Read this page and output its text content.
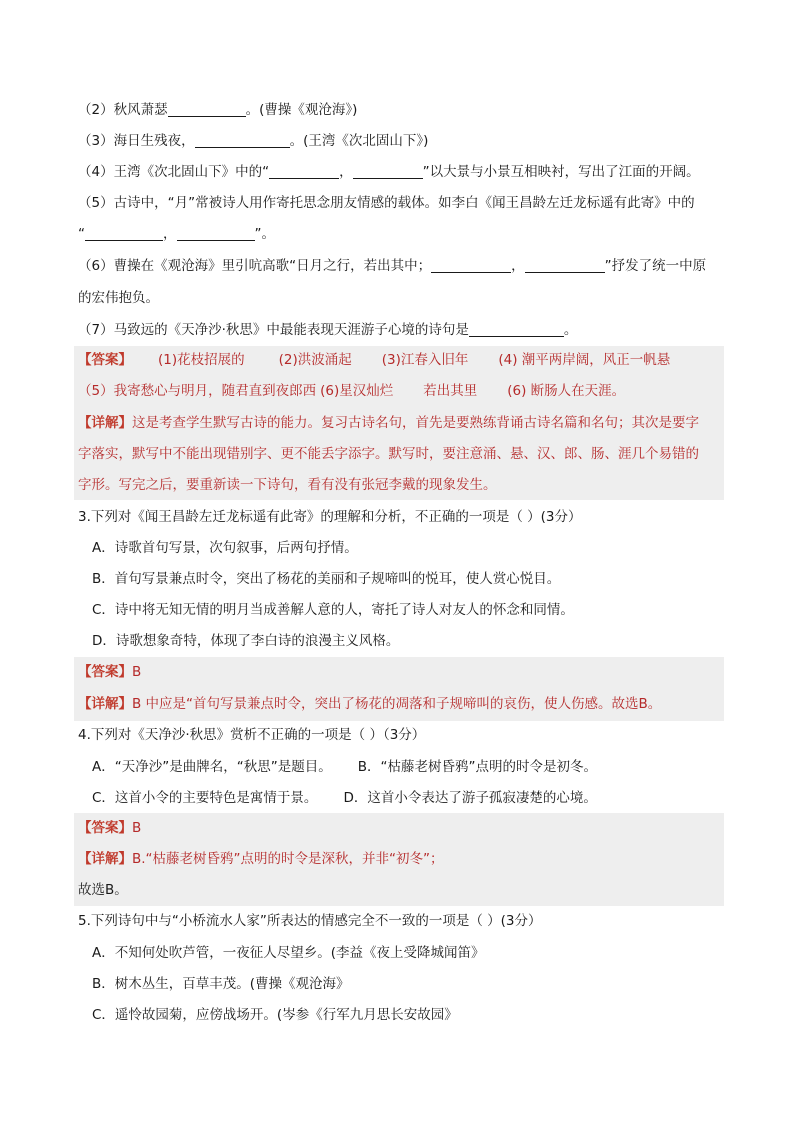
（2）秋风萧瑟	。(曹操《观沧海》)
（3）海日生残夜，	。(王湾《次北固山下》)
（4）王湾《次北固山下》中的“	，	”以大景与小景互相映衬，写出了江面的开阔。
（5）古诗中，“月”常被诗人用作寄托思念朋友情感的载体。如李白《闻王昌龄左迁龙标遥有此寄》中的
“	，	”。
（6）曹操在《观沧海》里引吭高歌“日月之行，若出其中；	，	”抒发了统一中原
的宏伟抱负。
（7）马致远的《天净沙·秋思》中最能表现天涯游子心境的诗句是	。
【答案】 (1)花枝招展的	(2)洪波涌起 (3)江春入旧年 (4) 潮平两岸阔，风正一帆悬
（5）我寄愁心与明月，随君直到夜郎西 (6)星汉灿烂 若出其里 (6) 断肠人在天涯。
【详解】这是考查学生默写古诗的能力。复习古诗名句，首先是要熟练背诵古诗名篇和名句；其次是要字
字落实，默写中不能出现错别字、更不能丢字添字。默写时，要注意涌、悬、汉、郎、肠、涯几个易错的
字形。写完之后，要重新读一下诗句，看有没有张冠李戴的现象发生。
3.下列对《闻王昌龄左迁龙标遥有此寄》的理解和分析，不正确的一项是（ ）(3分）
A．诗歌首句写景，次句叙事，后两句抒情。
B．首句写景兼点时令，突出了杨花的美丽和子规啼叫的悦耳，使人赏心悦目。
C．诗中将无知无情的明月当成善解人意的人，寄托了诗人对友人的怀念和同情。
D．诗歌想象奇特，体现了李白诗的浪漫主义风格。
【答案】B
【详解】B 中应是“首句写景兼点时令，突出了杨花的凋落和子规啼叫的哀伤，使人伤感。故选B。
4.下列对《天净沙·秋思》赏析不正确的一项是（ ）（3分）
A．“天净沙”是曲牌名，“秋思”是题目。 B．“枯藤老树昏鸦”点明的时令是初冬。
C．这首小令的主要特色是寓情于景。 D．这首小令表达了游子孤寂凄楚的心境。
【答案】B
【详解】B.“枯藤老树昏鸦”点明的时令是深秋，并非“初冬”；
故选B。
5.下列诗句中与“小桥流水人家”所表达的情感完全不一致的一项是（ ）(3分）
A．不知何处吹芦管，一夜征人尽望乡。(李益《夜上受降城闻笛》
B．树木丛生，百草丰茂。(曹操《观沧海》
C．遥怜故园菊，应傍战场开。(岑参《行军九月思长安故园》
